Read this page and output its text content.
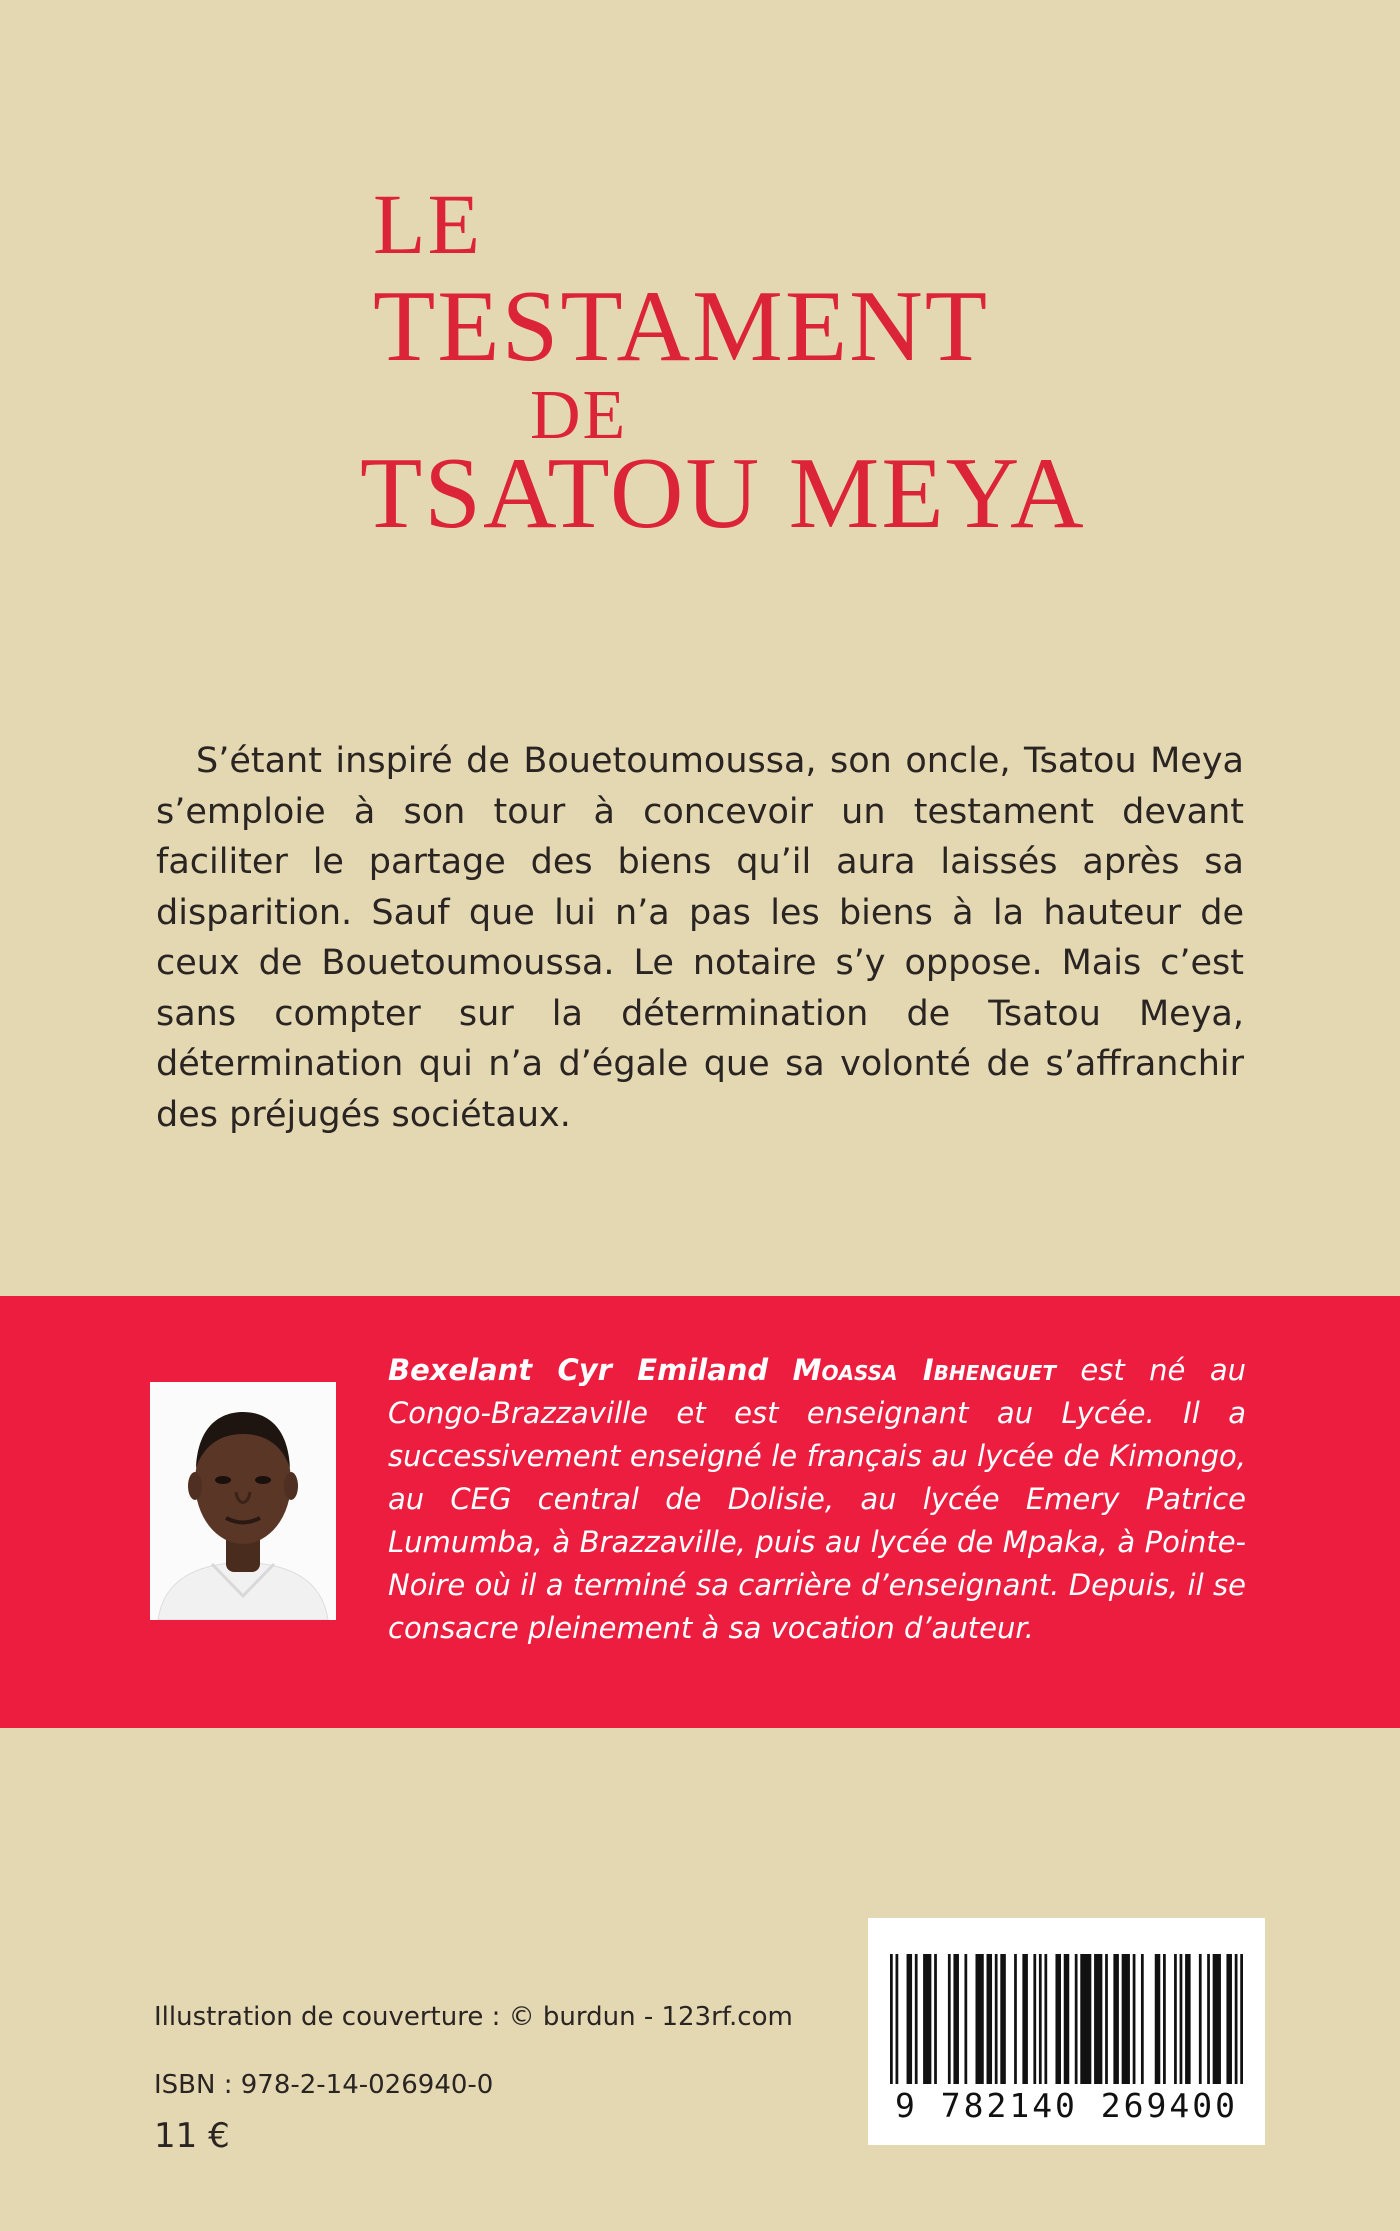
LE
TESTAMENT
DE
TSATOU MEYA

S’étant inspiré de Bouetoumoussa, son oncle, Tsatou Meya s’emploie à son tour à concevoir un testament devant faciliter le partage des biens qu’il aura laissés après sa disparition. Sauf que lui n’a pas les biens à la hauteur de ceux de Bouetoumoussa. Le notaire s’y oppose. Mais c’est sans compter sur la détermination de Tsatou Meya, détermination qui n’a d’égale que sa volonté de s’affranchir des préjugés sociétaux.

Bexelant Cyr Emiland Moassa Ibhenguet est né au Congo-Brazzaville et est enseignant au Lycée. Il a successivement enseigné le français au lycée de Kimongo, au CEG central de Dolisie, au lycée Emery Patrice Lumumba, à Brazzaville, puis au lycée de Mpaka, à Pointe-Noire où il a terminé sa carrière d’enseignant. Depuis, il se consacre pleinement à sa vocation d’auteur.

Illustration de couverture : © burdun - 123rf.com

ISBN : 978-2-14-026940-0

11 €

9 782140 269400
